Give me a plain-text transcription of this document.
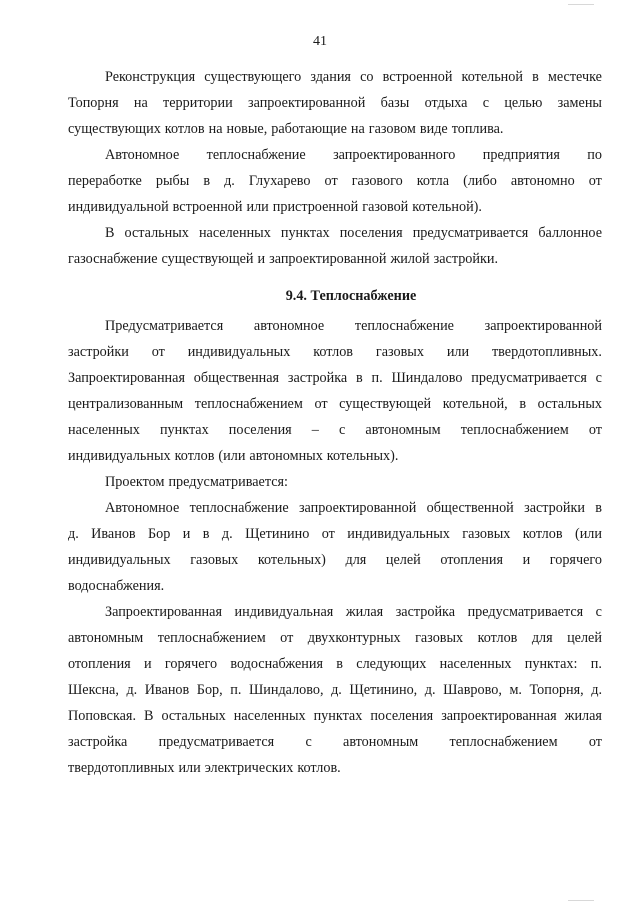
41
Реконструкция существующего здания со встроенной котельной в местечке
Топорня на территории запроектированной базы отдыха с целью замены
существующих котлов на новые, работающие на газовом виде топлива.
Автономное теплоснабжение запроектированного предприятия по
переработке рыбы в д. Глухарево от газового котла (либо автономно от
индивидуальной встроенной или пристроенной газовой котельной).
В остальных населенных пунктах поселения предусматривается баллонное
газоснабжение существующей и запроектированной жилой застройки.
9.4. Теплоснабжение
Предусматривается автономное теплоснабжение запроектированной
застройки от индивидуальных котлов газовых или твердотопливных.
Запроектированная общественная застройка в п. Шиндалово предусматривается с
централизованным теплоснабжением от существующей котельной, в остальных
населенных пунктах поселения – с автономным теплоснабжением от
индивидуальных котлов (или автономных котельных).
Проектом предусматривается:
Автономное теплоснабжение запроектированной общественной застройки в
д. Иванов Бор и в д. Щетинино от индивидуальных газовых котлов (или
индивидуальных газовых котельных) для целей отопления и горячего
водоснабжения.
Запроектированная индивидуальная жилая застройка предусматривается с
автономным теплоснабжением от двухконтурных газовых котлов для целей
отопления и горячего водоснабжения в следующих населенных пунктах: п.
Шексна, д. Иванов Бор, п. Шиндалово, д. Щетинино, д. Шаврово, м. Топорня, д.
Поповская. В остальных населенных пунктах поселения запроектированная жилая
застройка предусматривается с автономным теплоснабжением от
твердотопливных или электрических котлов.
